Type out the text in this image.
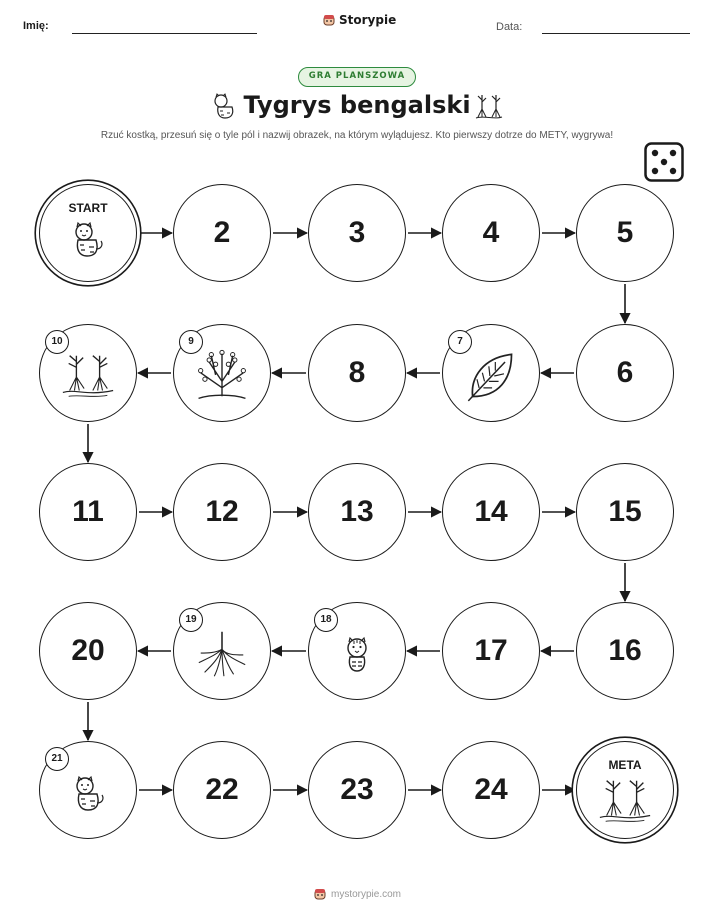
Imię:	Storypie	Data:
GRA PLANSZOWA
Tygrys bengalski
Rzuć kostką, przesuń się o tyle pól i nazwij obrazek, na którym wylądujesz. Kto pierwszy dotrze do METY, wygrywa!
START
2	3	4	5
6
7
8
9
10
11	12	13	14	15
16
17
18
19
20
21
22	23	24
META
mystorypie.com
